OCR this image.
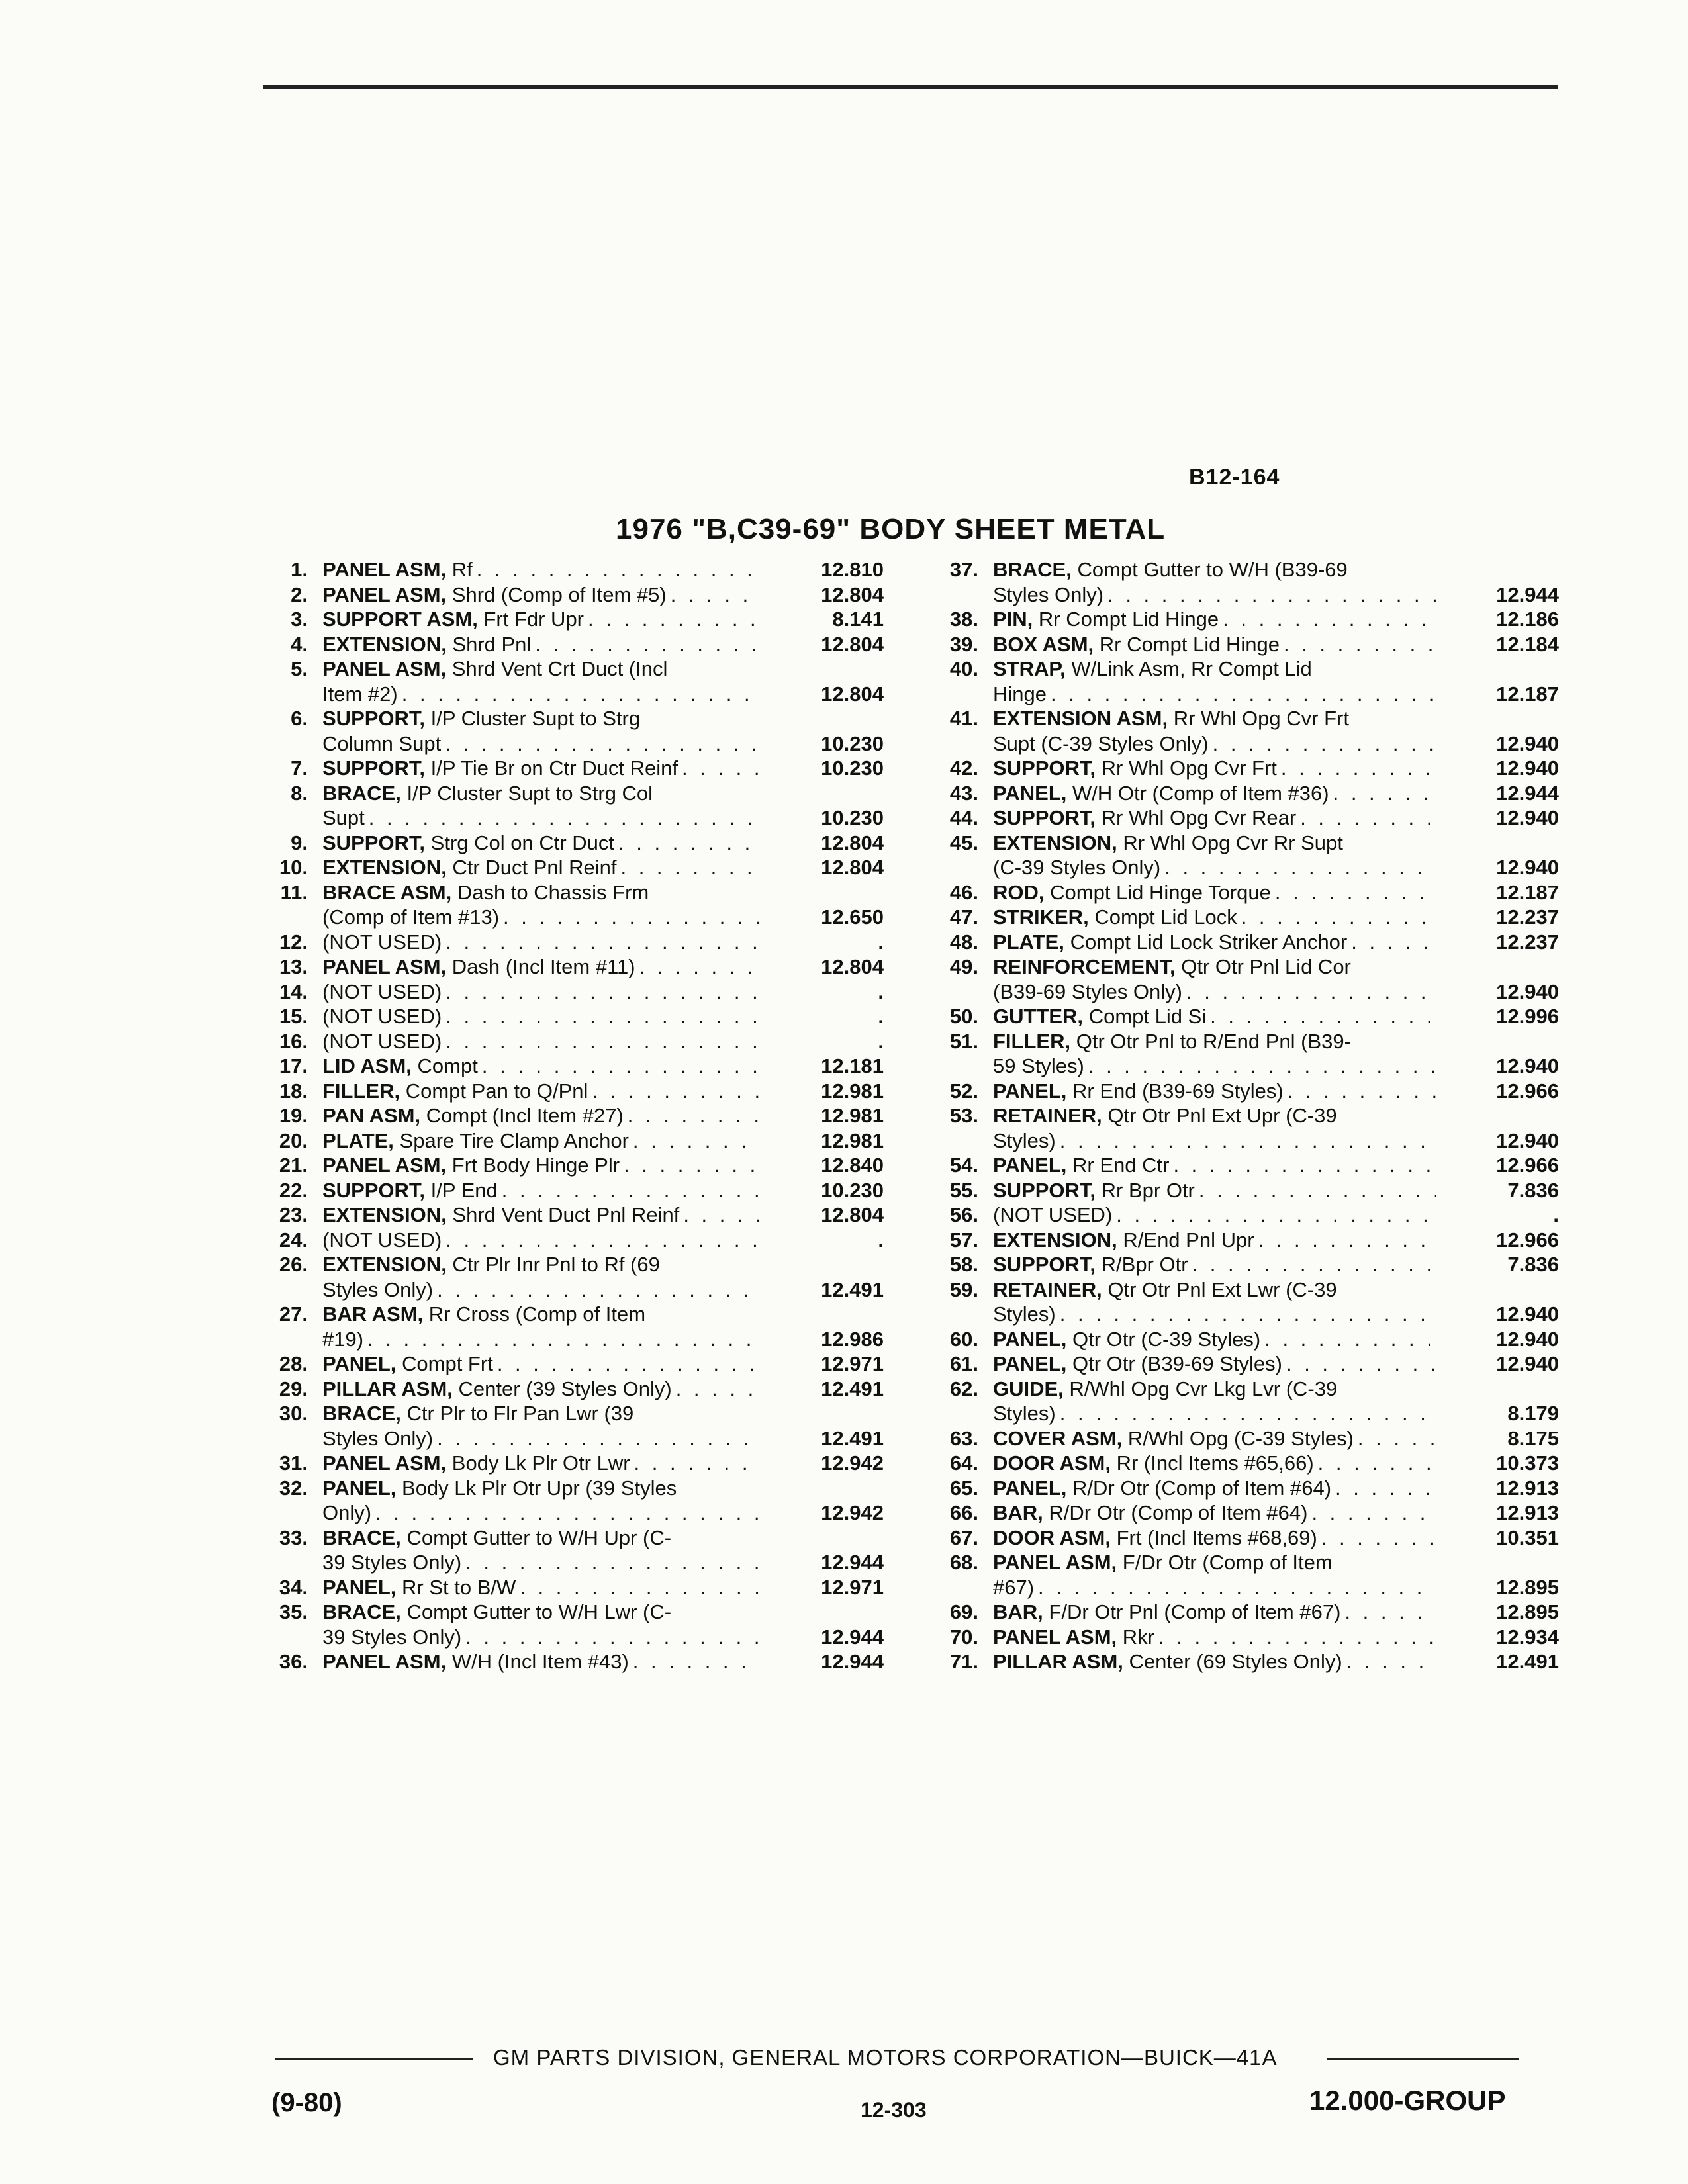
B12-164
1976 "B,C39-69" BODY SHEET METAL
1. PANEL ASM, Rf . . .	12.810
2. PANEL ASM, Shrd (Comp of Item #5) . . .	12.804
3. SUPPORT ASM, Frt Fdr Upr . . .	8.141
4. EXTENSION, Shrd Pnl . . .	12.804
5. PANEL ASM, Shrd Vent Crt Duct (Incl
Item #2) . . .	12.804
6. SUPPORT, I/P Cluster Supt to Strg
Column Supt . . .	10.230
7. SUPPORT, I/P Tie Br on Ctr Duct Reinf . . .	10.230
8. BRACE, I/P Cluster Supt to Strg Col
Supt . . .	10.230
9. SUPPORT, Strg Col on Ctr Duct . . .	12.804
10. EXTENSION, Ctr Duct Pnl Reinf . . .	12.804
11. BRACE ASM, Dash to Chassis Frm
(Comp of Item #13) . . .	12.650
12. (NOT USED) . . .	.
13. PANEL ASM, Dash (Incl Item #11) . . .	12.804
14. (NOT USED) . . .	.
15. (NOT USED) . . .	.
16. (NOT USED) . . .	.
17. LID ASM, Compt . . .	12.181
18. FILLER, Compt Pan to Q/Pnl . . .	12.981
19. PAN ASM, Compt (Incl Item #27) . . .	12.981
20. PLATE, Spare Tire Clamp Anchor . . .	12.981
21. PANEL ASM, Frt Body Hinge Plr . . .	12.840
22. SUPPORT, I/P End . . .	10.230
23. EXTENSION, Shrd Vent Duct Pnl Reinf . . .	12.804
24. (NOT USED) . . .	.
26. EXTENSION, Ctr Plr Inr Pnl to Rf (69
Styles Only) . . .	12.491
27. BAR ASM, Rr Cross (Comp of Item
#19) . . .	12.986
28. PANEL, Compt Frt . . .	12.971
29. PILLAR ASM, Center (39 Styles Only) . . .	12.491
30. BRACE, Ctr Plr to Flr Pan Lwr (39
Styles Only) . . .	12.491
31. PANEL ASM, Body Lk Plr Otr Lwr . . .	12.942
32. PANEL, Body Lk Plr Otr Upr (39 Styles
Only) . . .	12.942
33. BRACE, Compt Gutter to W/H Upr (C-
39 Styles Only) . . .	12.944
34. PANEL, Rr St to B/W . . .	12.971
35. BRACE, Compt Gutter to W/H Lwr (C-
39 Styles Only) . . .	12.944
36. PANEL ASM, W/H (Incl Item #43) . . .	12.944
37. BRACE, Compt Gutter to W/H (B39-69
Styles Only) . . .	12.944
38. PIN, Rr Compt Lid Hinge . . .	12.186
39. BOX ASM, Rr Compt Lid Hinge . . .	12.184
40. STRAP, W/Link Asm, Rr Compt Lid
Hinge . . .	12.187
41. EXTENSION ASM, Rr Whl Opg Cvr Frt
Supt (C-39 Styles Only) . . .	12.940
42. SUPPORT, Rr Whl Opg Cvr Frt . . .	12.940
43. PANEL, W/H Otr (Comp of Item #36) . . .	12.944
44. SUPPORT, Rr Whl Opg Cvr Rear . . .	12.940
45. EXTENSION, Rr Whl Opg Cvr Rr Supt
(C-39 Styles Only) . . .	12.940
46. ROD, Compt Lid Hinge Torque . . .	12.187
47. STRIKER, Compt Lid Lock . . .	12.237
48. PLATE, Compt Lid Lock Striker Anchor . . .	12.237
49. REINFORCEMENT, Qtr Otr Pnl Lid Cor
(B39-69 Styles Only) . . .	12.940
50. GUTTER, Compt Lid Si . . .	12.996
51. FILLER, Qtr Otr Pnl to R/End Pnl (B39-
59 Styles) . . .	12.940
52. PANEL, Rr End (B39-69 Styles) . . .	12.966
53. RETAINER, Qtr Otr Pnl Ext Upr (C-39
Styles) . . .	12.940
54. PANEL, Rr End Ctr . . .	12.966
55. SUPPORT, Rr Bpr Otr . . .	7.836
56. (NOT USED) . . .	.
57. EXTENSION, R/End Pnl Upr . . .	12.966
58. SUPPORT, R/Bpr Otr . . .	7.836
59. RETAINER, Qtr Otr Pnl Ext Lwr (C-39
Styles) . . .	12.940
60. PANEL, Qtr Otr (C-39 Styles) . . .	12.940
61. PANEL, Qtr Otr (B39-69 Styles) . . .	12.940
62. GUIDE, R/Whl Opg Cvr Lkg Lvr (C-39
Styles) . . .	8.179
63. COVER ASM, R/Whl Opg (C-39 Styles) . . .	8.175
64. DOOR ASM, Rr (Incl Items #65,66) . . .	10.373
65. PANEL, R/Dr Otr (Comp of Item #64) . . .	12.913
66. BAR, R/Dr Otr (Comp of Item #64) . . .	12.913
67. DOOR ASM, Frt (Incl Items #68,69) . . .	10.351
68. PANEL ASM, F/Dr Otr (Comp of Item
#67) . . .	12.895
69. BAR, F/Dr Otr Pnl (Comp of Item #67) . . .	12.895
70. PANEL ASM, Rkr . . .	12.934
71. PILLAR ASM, Center (69 Styles Only) . . .	12.491
GM PARTS DIVISION, GENERAL MOTORS CORPORATION—BUICK—41A
(9-80)	12-303	12.000-GROUP
